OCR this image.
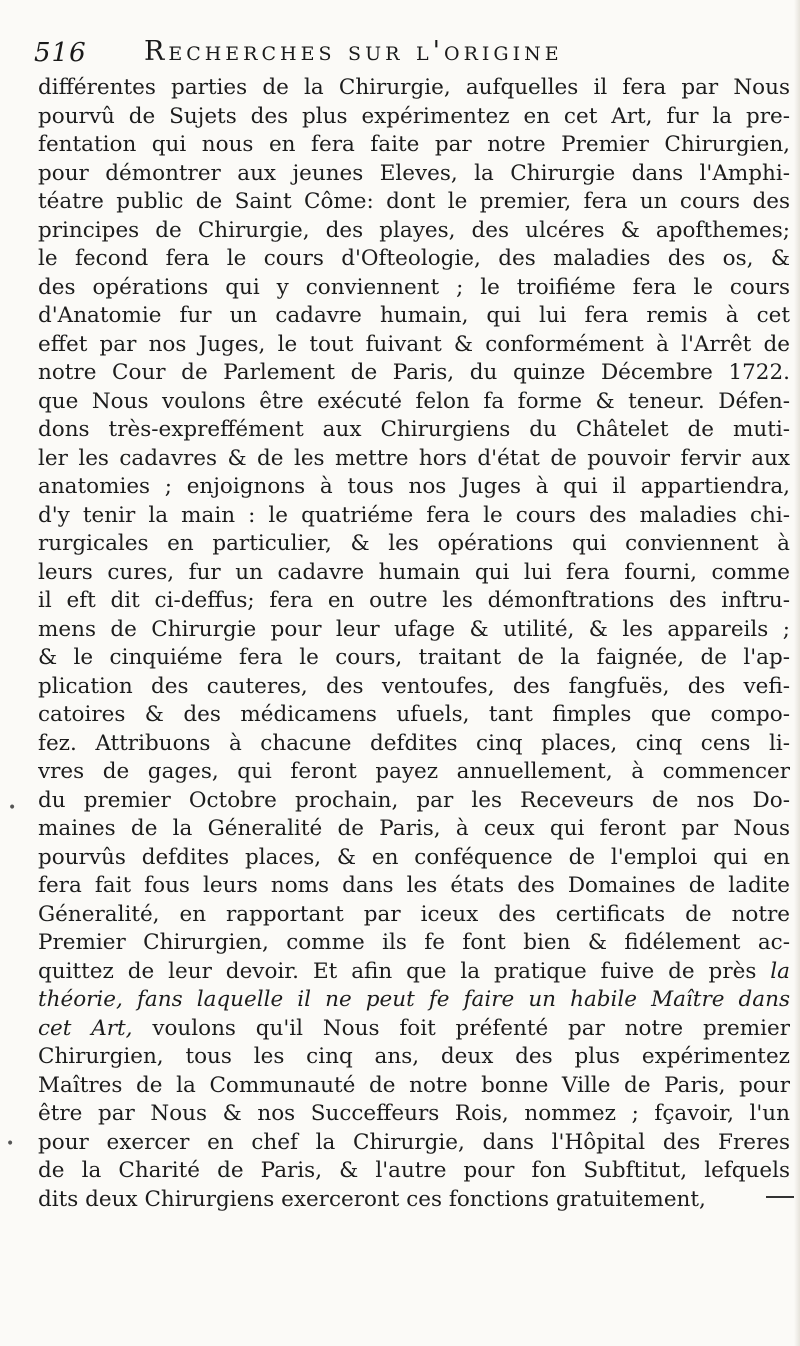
516 Recherches sur l'origine
différentes parties de la Chirurgie, aufquelles il fera par Nous
pourvû de Sujets des plus expérimentez en cet Art, fur la pre-
fentation qui nous en fera faite par notre Premier Chirurgien,
pour démontrer aux jeunes Eleves, la Chirurgie dans l'Amphi-
téatre public de Saint Côme: dont le premier, fera un cours des
principes de Chirurgie, des playes, des ulcéres & apofthemes;
le fecond fera le cours d'Ofteologie, des maladies des os, &
des opérations qui y conviennent ; le troifiéme fera le cours
d'Anatomie fur un cadavre humain, qui lui fera remis à cet
effet par nos Juges, le tout fuivant & conformément à l'Arrêt de
notre Cour de Parlement de Paris, du quinze Décembre 1722.
que Nous voulons être exécuté felon fa forme & teneur. Défen-
dons très-expreffément aux Chirurgiens du Châtelet de muti-
ler les cadavres & de les mettre hors d'état de pouvoir fervir aux
anatomies ; enjoignons à tous nos Juges à qui il appartiendra,
d'y tenir la main : le quatriéme fera le cours des maladies chi-
rurgicales en particulier, & les opérations qui conviennent à
leurs cures, fur un cadavre humain qui lui fera fourni, comme
il eft dit ci-deffus; fera en outre les démonftrations des inftru-
mens de Chirurgie pour leur ufage & utilité, & les appareils ;
& le cinquiéme fera le cours, traitant de la faignée, de l'ap-
plication des cauteres, des ventoufes, des fangfuës, des vefi-
catoires & des médicamens ufuels, tant fimples que compo-
fez. Attribuons à chacune defdites cinq places, cinq cens li-
vres de gages, qui feront payez annuellement, à commencer
du premier Octobre prochain, par les Receveurs de nos Do-
maines de la Géneralité de Paris, à ceux qui feront par Nous
pourvûs defdites places, & en conféquence de l'emploi qui en
fera fait fous leurs noms dans les états des Domaines de ladite
Géneralité, en rapportant par iceux des certificats de notre
Premier Chirurgien, comme ils fe font bien & fidélement ac-
quittez de leur devoir. Et afin que la pratique fuive de près la
théorie, fans laquelle il ne peut fe faire un habile Maître dans
cet Art, voulons qu'il Nous foit préfenté par notre premier
Chirurgien, tous les cinq ans, deux des plus expérimentez
Maîtres de la Communauté de notre bonne Ville de Paris, pour
être par Nous & nos Succeffeurs Rois, nommez ; fçavoir, l'un
pour exercer en chef la Chirurgie, dans l'Hôpital des Freres
de la Charité de Paris, & l'autre pour fon Subftitut, lefquels
dits deux Chirurgiens exerceront ces fonctions gratuitement,
•
•
